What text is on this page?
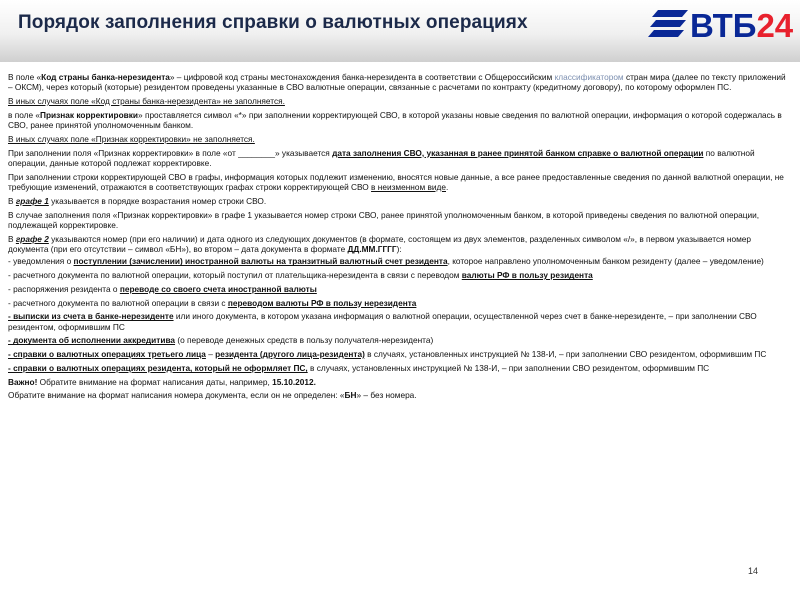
Порядок заполнения справки о валютных операциях	ВТБ24

В поле «Код страны банка-нерезидента» – цифровой код страны местонахождения банка-нерезидента в соответствии с Общероссийским классификатором стран мира (далее по тексту приложений – ОКСМ), через который (которые) резидентом проведены указанные в СВО валютные операции, связанные с расчетами по контракту (кредитному договору), по которому оформлен ПС.

В иных случаях поле «Код страны банка-нерезидента» не заполняется.

в поле «Признак корректировки» проставляется символ «*» при заполнении корректирующей СВО, в которой указаны новые сведения по валютной операции, информация о которой содержалась в СВО, ранее принятой уполномоченным банком.

В иных случаях поле «Признак корректировки» не заполняется.

При заполнении поля «Признак корректировки» в поле «от ________» указывается дата заполнения СВО, указанная в ранее принятой банком справке о валютной операции по валютной операции, данные которой подлежат корректировке.

При заполнении строки корректирующей СВО в графы, информация которых подлежит изменению, вносятся новые данные, а все ранее предоставленные сведения по данной валютной операции, не требующие изменений, отражаются в соответствующих графах строки корректирующей СВО в неизменном виде.

В графе 1 указывается в порядке возрастания номер строки СВО.

В случае заполнения поля «Признак корректировки» в графе 1 указывается номер строки СВО, ранее принятой уполномоченным банком, в которой приведены сведения по валютной операции, подлежащей корректировке.

В графе 2 указываются номер (при его наличии) и дата одного из следующих документов (в формате, состоящем из двух элементов, разделенных символом «/», в первом указывается номер документа (при его отсутствии – символ «БН»), во втором – дата документа в формате ДД.ММ.ГГГГ):

- уведомления о поступлении (зачислении) иностранной валюты на транзитный валютный счет резидента, которое направлено уполномоченным банком резиденту (далее – уведомление)

- расчетного документа по валютной операции, который поступил от плательщика-нерезидента в связи с переводом валюты РФ в пользу резидента

- распоряжения резидента о переводе со своего счета иностранной валюты

- расчетного документа по валютной операции в связи с переводом валюты РФ в пользу нерезидента

- выписки из счета в банке-нерезиденте или иного документа, в котором указана информация о валютной операции, осуществленной через счет в банке-нерезиденте, – при заполнении СВО резидентом, оформившим ПС

- документа об исполнении аккредитива (о переводе денежных средств в пользу получателя-нерезидента)

- справки о валютных операциях третьего лица – резидента (другого лица-резидента) в случаях, установленных инструкцией № 138-И, – при заполнении СВО резидентом, оформившим ПС

- справки о валютных операциях резидента, который не оформляет ПС, в случаях, установленных инструкцией № 138-И, – при заполнении СВО резидентом, оформившим ПС

Важно! Обратите внимание на формат написания даты, например, 15.10.2012.

Обратите внимание на формат написания номера документа, если он не определен: «БН» – без номера.

14
